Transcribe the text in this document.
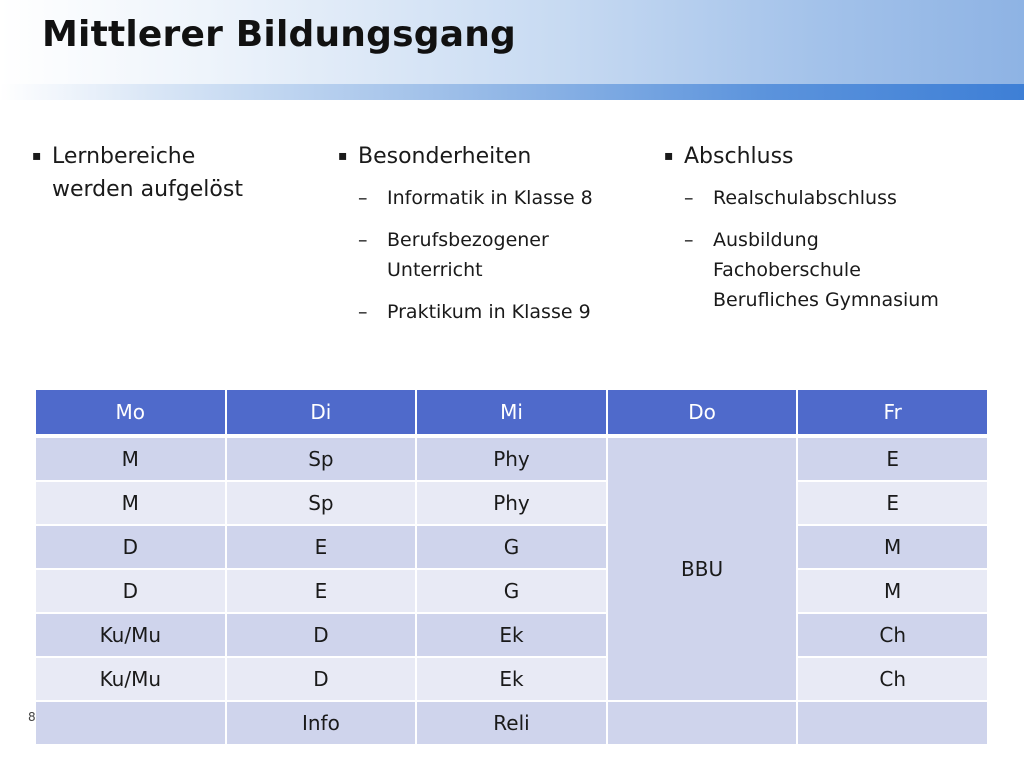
Mittlerer Bildungsgang
▪ Lernbereiche
werden aufgelöst
▪ Besonderheiten
–	Informatik in Klasse 8
–	Berufsbezogener
Unterricht
–	Praktikum in Klasse 9
▪ Abschluss
–	Realschulabschluss
–	Ausbildung
Fachoberschule
Berufliches Gymnasium
8
Mo	Di	Mi	Do	Fr
M	Sp	Phy	BBU	E
M	Sp	Phy		E
D	E	G		M
D	E	G		M
Ku/Mu	D	Ek		Ch
Ku/Mu	D	Ek		Ch
	Info	Reli		
